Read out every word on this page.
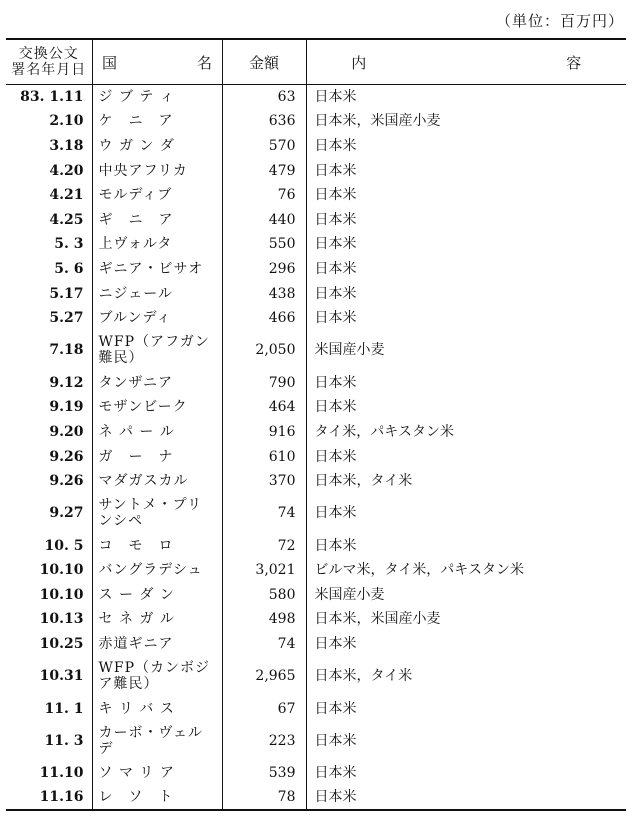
（単位：百万円）
交換公文
署名年月日	国名	金額	内容
83. 1.11	ジ ブ テ ィ	63	日本米
2.10	ケ　ニ　ア	636	日本米，米国産小麦
3.18	ウ ガ ン ダ	570	日本米
4.20	中央アフリカ	479	日本米
4.21	モルディブ	76	日本米
4.25	ギ　ニ　ア	440	日本米
5. 3	上ヴォルタ	550	日本米
5. 6	ギニア・ビサオ	296	日本米
5.17	ニジェール	438	日本米
5.27	ブルンディ	466	日本米
7.18	WFP（アフガン難民）	2,050	米国産小麦
9.12	タンザニア	790	日本米
9.19	モザンビーク	464	日本米
9.20	ネ パ ー ル	916	タイ米，パキスタン米
9.26	ガ　ー　ナ	610	日本米
9.26	マダガスカル	370	日本米，タイ米
9.27	サントメ・プリンシペ	74	日本米
10. 5	コ　モ　ロ	72	日本米
10.10	バングラデシュ	3,021	ビルマ米，タイ米，パキスタン米
10.10	ス ー ダ ン	580	米国産小麦
10.13	セ ネ ガ ル	498	日本米，米国産小麦
10.25	赤道ギニア	74	日本米
10.31	WFP（カンボジア難民）	2,965	日本米，タイ米
11. 1	キ リ バ ス	67	日本米
11. 3	カーボ・ヴェルデ	223	日本米
11.10	ソ マ リ ア	539	日本米
11.16	レ　ソ　ト	78	日本米
